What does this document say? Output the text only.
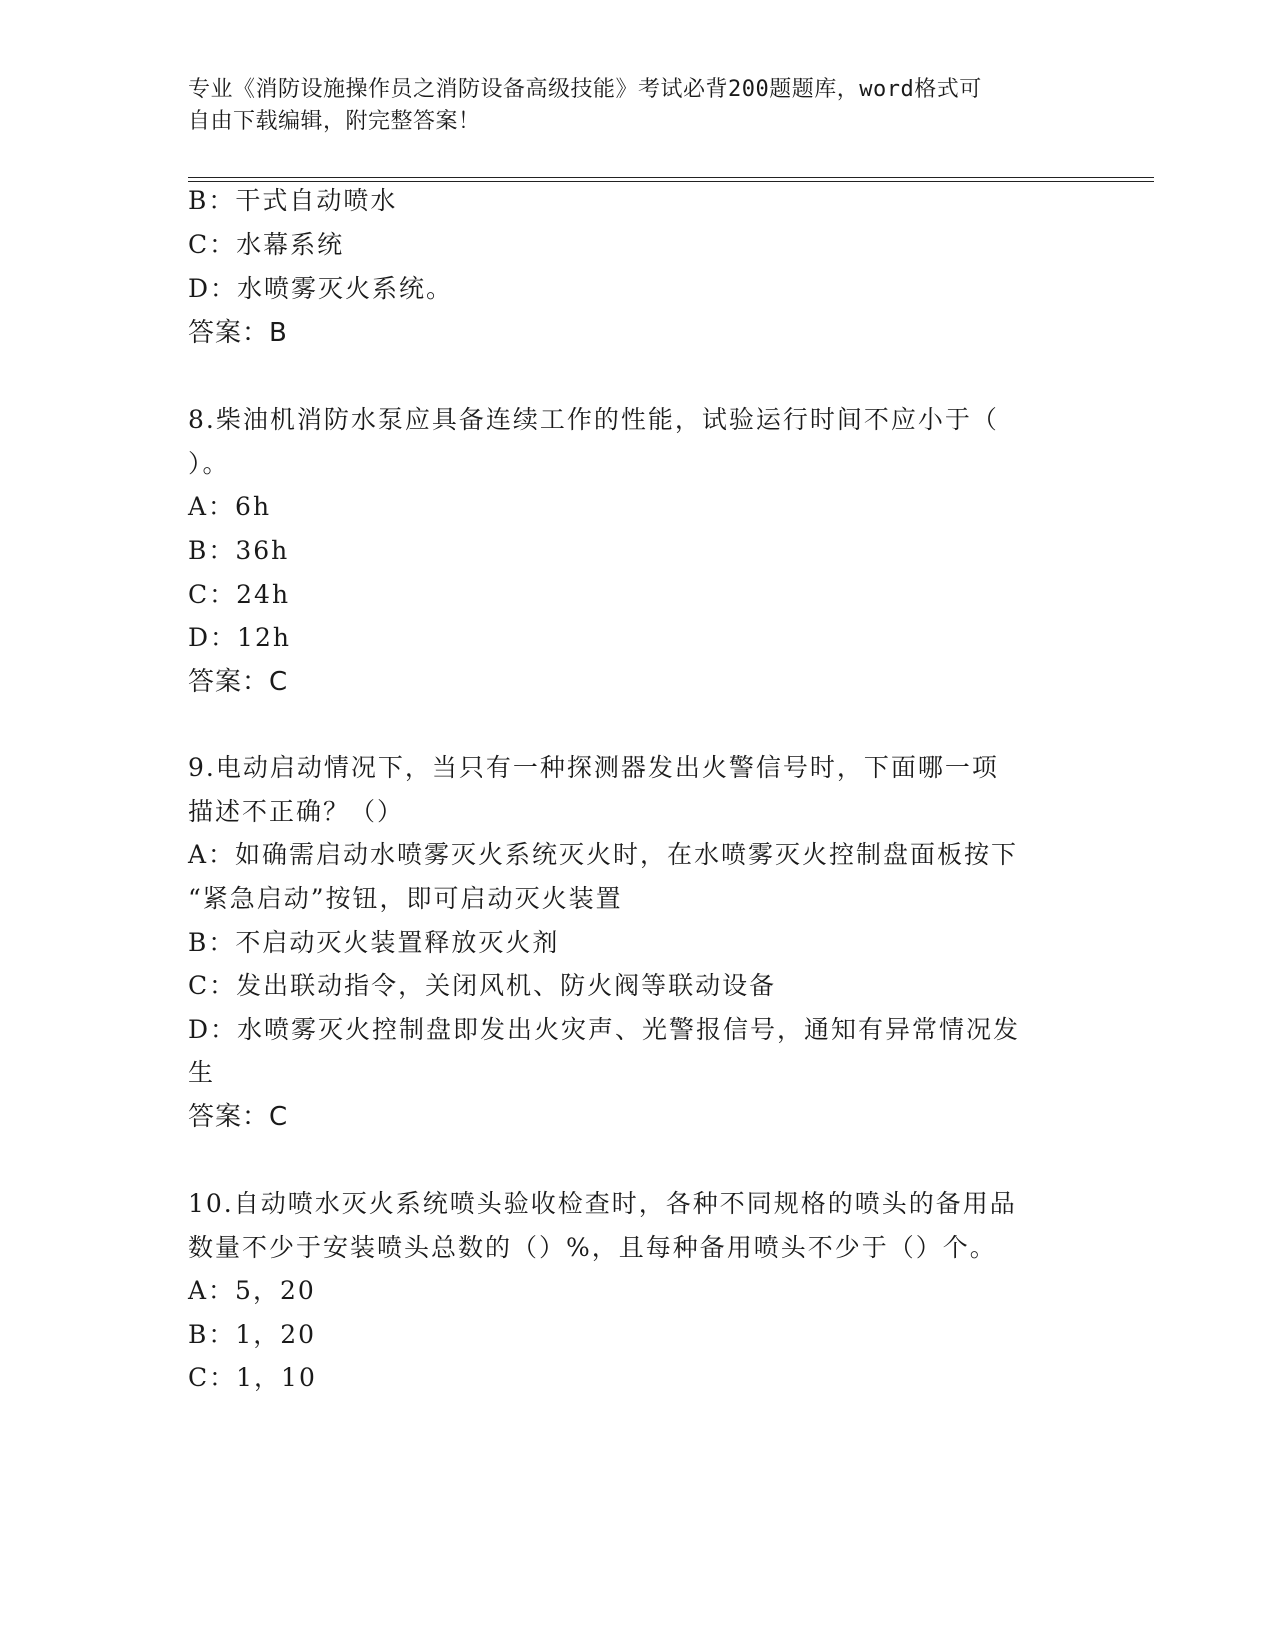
专业《消防设施操作员之消防设备高级技能》考试必背200题题库，word格式可
自由下载编辑，附完整答案！
B：干式自动喷水
C：水幕系统
D：水喷雾灭火系统。
答案：B
8.柴油机消防水泵应具备连续工作的性能，试验运行时间不应小于（
）。
A：6h
B：36h
C：24h
D：12h
答案：C
9.电动启动情况下，当只有一种探测器发出火警信号时，下面哪一项
描述不正确？（）
A：如确需启动水喷雾灭火系统灭火时，在水喷雾灭火控制盘面板按下
“紧急启动”按钮，即可启动灭火装置
B：不启动灭火装置释放灭火剂
C：发出联动指令，关闭风机、防火阀等联动设备
D：水喷雾灭火控制盘即发出火灾声、光警报信号，通知有异常情况发
生
答案：C
10.自动喷水灭火系统喷头验收检查时，各种不同规格的喷头的备用品
数量不少于安装喷头总数的（）%，且每种备用喷头不少于（）个。
A：5，20
B：1，20
C：1，10
